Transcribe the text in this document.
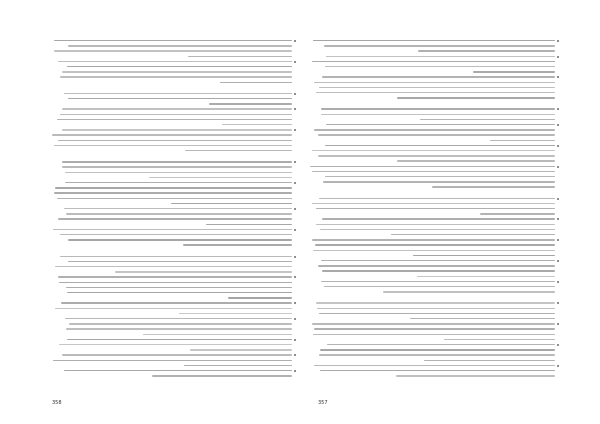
358	357
